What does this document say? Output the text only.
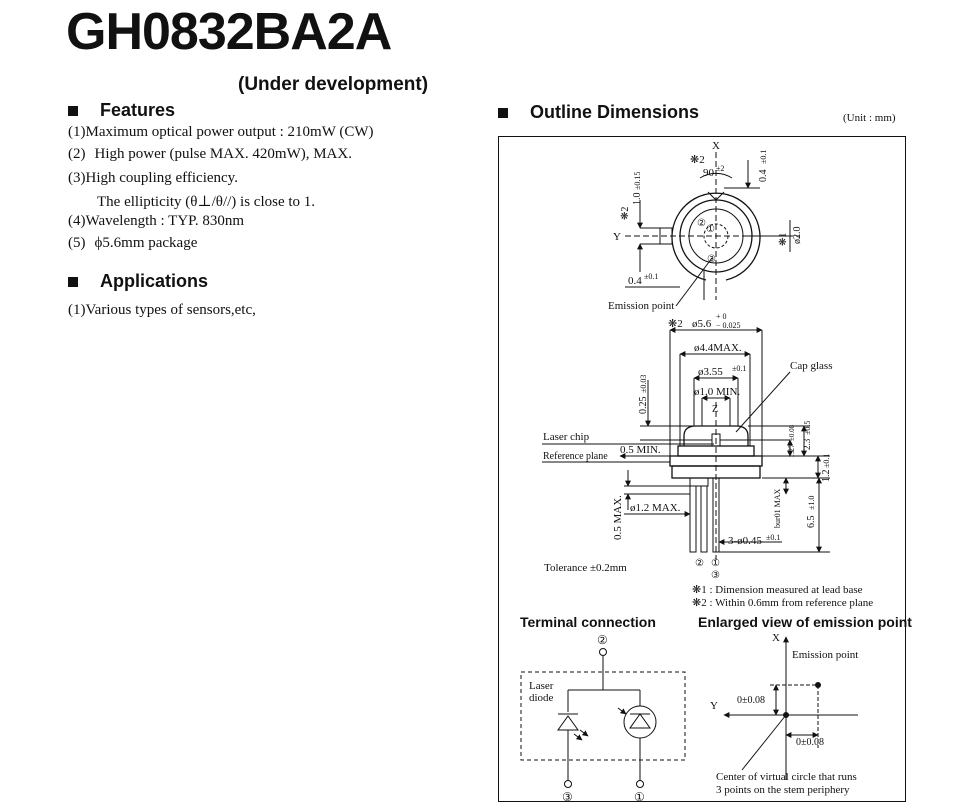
GH0832BA2A
(Under development)
Features
(1)Maximum optical power output : 210mW (CW)
(2) High power (pulse MAX. 420mW), MAX.
(3)High coupling efficiency.
The ellipticity (θ⊥/θ//) is close to 1.
(4)Wavelength : TYP. 830nm
(5) ϕ5.6mm package
Applications
(1)Various types of sensors,etc,
Outline Dimensions	(Unit : mm)
X
❋2
90 ±2
0.4
±0.1
1.0
±0.15
❋2
Y	❋1 ø2.0
0.4 ±0.1
Emission point
①
②
③
❋2 ø5.6
+ 0
− 0.025
ø4.4MAX.
ø3.55 ±0.1
ø1.0 MIN.
Cap glass
Z
0.25
±0.03
Laser chip
Reference plane
0.5 MIN.	1.27
±0.08
2.3
±0.5
1.2
±0.1
ø1.2 MAX.
0.5 MAX.	bur01 MAX 6.5
±1.0
3-ø0.45 ±0.1
② ①
③
Tolerance ±0.2mm
❋1 : Dimension measured at lead base
❋2 : Within 0.6mm from reference plane
Terminal connection
②
Laser
diode
③	①
Enlarged view of emission point
X
Y
Emission point
0±0.08
0±0.08
Center of virtual circle that runs
3 points on the stem periphery
